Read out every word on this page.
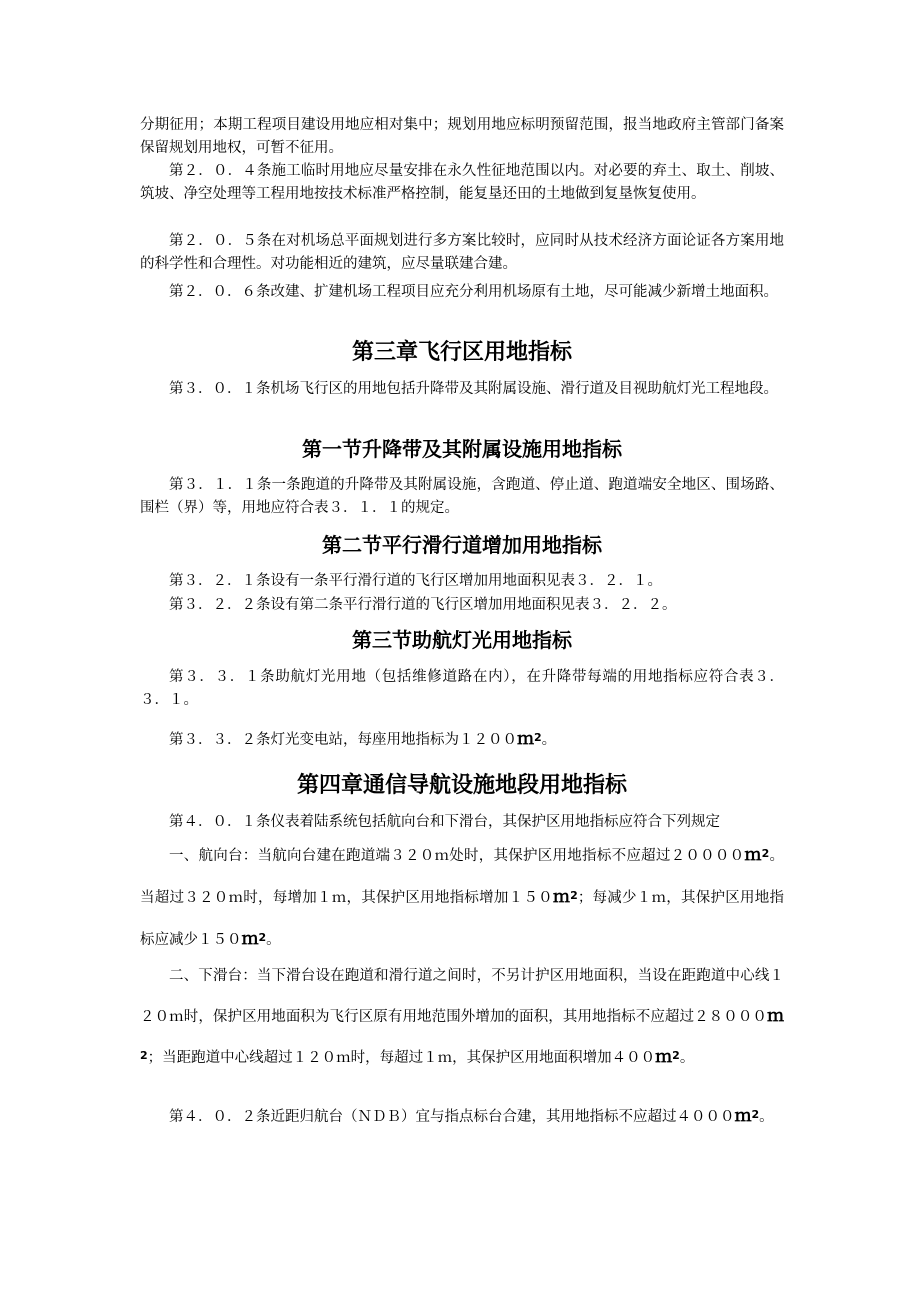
分期征用；本期工程项目建设用地应相对集中；规划用地应标明预留范围，报当地政府主管部门备案保留规划用地权，可暂不征用。

第２．０．４条施工临时用地应尽量安排在永久性征地范围以内。对必要的弃土、取土、削坡、筑坡、净空处理等工程用地按技术标准严格控制，能复垦还田的土地做到复垦恢复使用。

第２．０．５条在对机场总平面规划进行多方案比较时，应同时从技术经济方面论证各方案用地的科学性和合理性。对功能相近的建筑，应尽量联建合建。

第２．０．６条改建、扩建机场工程项目应充分利用机场原有土地，尽可能减少新增土地面积。

第三章飞行区用地指标

第３．０．１条机场飞行区的用地包括升降带及其附属设施、滑行道及目视助航灯光工程地段。

第一节升降带及其附属设施用地指标

第３．１．１条一条跑道的升降带及其附属设施，含跑道、停止道、跑道端安全地区、围场路、围栏（界）等，用地应符合表３．１．１的规定。

第二节平行滑行道增加用地指标

第３．２．１条设有一条平行滑行道的飞行区增加用地面积见表３．２．１。

第３．２．２条设有第二条平行滑行道的飞行区增加用地面积见表３．２．２。

第三节助航灯光用地指标

第３．３．１条助航灯光用地（包括维修道路在内），在升降带每端的用地指标应符合表３．３．１。

第３．３．２条灯光变电站，每座用地指标为１２００ｍ$^2$。

第四章通信导航设施地段用地指标

第４．０．１条仪表着陆系统包括航向台和下滑台，其保护区用地指标应符合下列规定

一、航向台：当航向台建在跑道端３２０ｍ处时，其保护区用地指标不应超过２００００ｍ$^2$。当超过３２０ｍ时，每增加１ｍ，其保护区用地指标增加１５０ｍ$^2$；每减少１ｍ，其保护区用地指标应减少１５０ｍ$^2$。

二、下滑台：当下滑台设在跑道和滑行道之间时，不另计护区用地面积，当设在距跑道中心线１２０ｍ时，保护区用地面积为飞行区原有用地范围外增加的面积，其用地指标不应超过２８０００ｍ$^2$；当距跑道中心线超过１２０ｍ时，每超过１ｍ，其保护区用地面积增加４００ｍ$^2$。

第４．０．２条近距归航台（ＮＤＢ）宜与指点标台合建，其用地指标不应超过４０００ｍ$^2$。
